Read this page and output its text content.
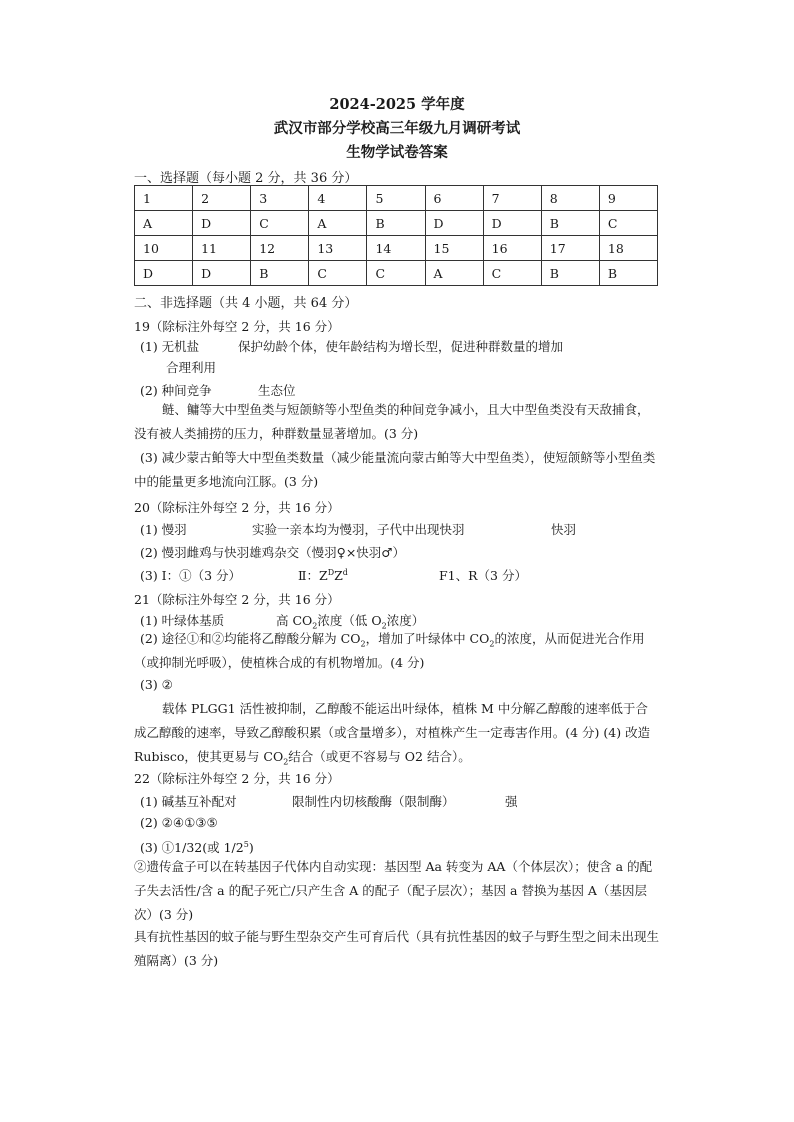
2024-2025 学年度
武汉市部分学校高三年级九月调研考试
生物学试卷答案
一、选择题（每小题 2 分，共 36 分）
1	2	3	4	5	6	7	8	9
A	D	C	A	B	D	D	B	C
10	11	12	13	14	15	16	17	18
D	D	B	C	C	A	C	B	B
二、非选择题（共 4 小题，共 64 分）
19（除标注外每空 2 分，共 16 分）
(1) 无机盐	保护幼龄个体，使年龄结构为增长型，促进种群数量的增加
合理利用
(2) 种间竞争	生态位
鲢、鳙等大中型鱼类与短颌鲚等小型鱼类的种间竞争减小，且大中型鱼类没有天敌捕食，没有被人类捕捞的压力，种群数量显著增加。(3 分)
(3) 减少蒙古鲌等大中型鱼类数量（减少能量流向蒙古鲌等大中型鱼类），使短颌鲚等小型鱼类中的能量更多地流向江豚。(3 分)
20（除标注外每空 2 分，共 16 分）
(1) 慢羽	实验一亲本均为慢羽，子代中出现快羽	快羽
(2) 慢羽雌鸡与快羽雄鸡杂交（慢羽♀×快羽♂）
(3) Ⅰ：①（3 分）	Ⅱ：$Z^DZ^d$	F1、R（3 分）
21（除标注外每空 2 分，共 16 分）
(1) 叶绿体基质	高 $CO_2$浓度（低 $O_2$浓度）
(2) 途径①和②均能将乙醇酸分解为 $CO_2$，增加了叶绿体中 $CO_2$的浓度，从而促进光合作用（或抑制光呼吸），使植株合成的有机物增加。(4 分)
(3) ②
载体 PLGG1 活性被抑制，乙醇酸不能运出叶绿体，植株 M 中分解乙醇酸的速率低于合成乙醇酸的速率，导致乙醇酸积累（或含量增多），对植株产生一定毒害作用。(4 分) (4) 改造 Rubisco，使其更易与 $CO_2$结合（或更不容易与 O2 结合）。
22（除标注外每空 2 分，共 16 分）
(1) 碱基互补配对	限制性内切核酸酶（限制酶）	强
(2) ②④①③⑤
(3) ①1/32(或 $1/2^5$)
②遗传盒子可以在转基因子代体内自动实现：基因型 Aa 转变为 AA（个体层次）；使含 a 的配子失去活性/含 a 的配子死亡/只产生含 A 的配子（配子层次）；基因 a 替换为基因 A（基因层次）(3 分)
具有抗性基因的蚊子能与野生型杂交产生可育后代（具有抗性基因的蚊子与野生型之间未出现生殖隔离）(3 分)
